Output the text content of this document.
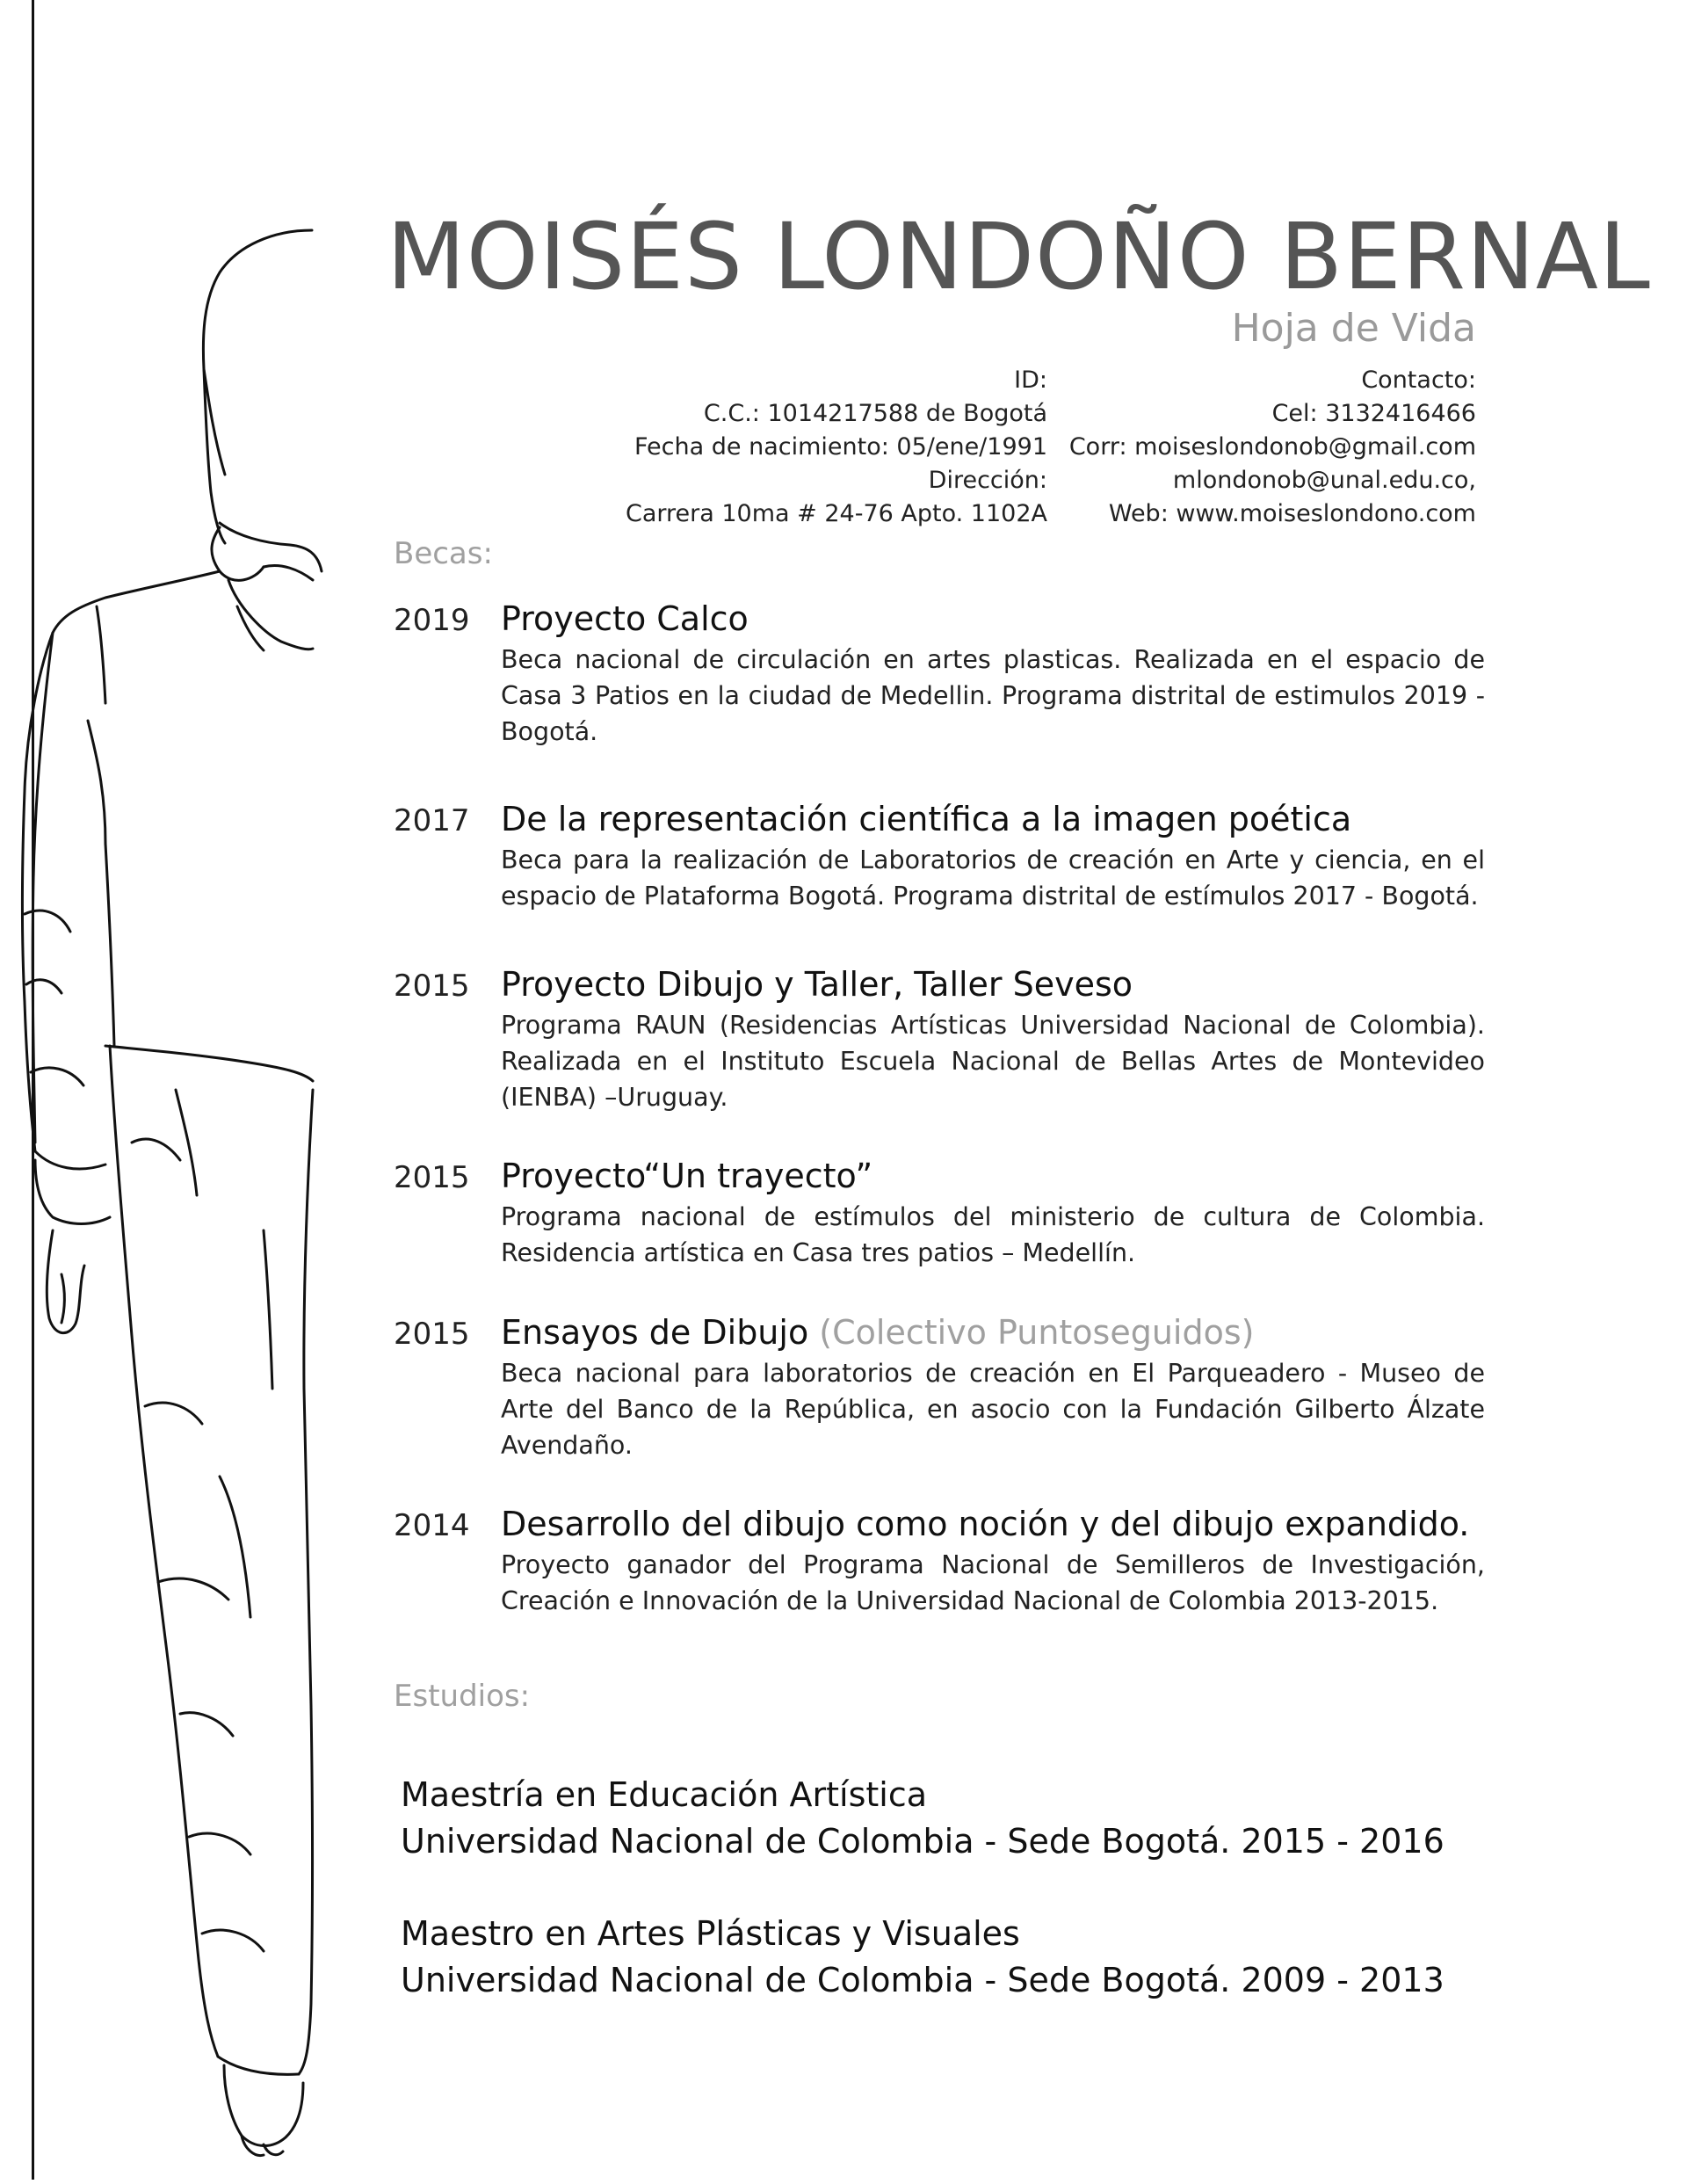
MOISÉS LONDOÑO BERNAL
Hoja de Vida
ID:
C.C.: 1014217588 de Bogotá
Fecha de nacimiento: 05/ene/1991
Dirección:
Carrera 10ma # 24-76 Apto. 1102A
Contacto:
Cel: 3132416466
Corr: moiseslondonob@gmail.com
mlondonob@unal.edu.co,
Web: www.moiseslondono.com
Becas:
2019 Proyecto Calco
Beca nacional de circulación en artes plasticas. Realizada en el espacio de Casa 3 Patios en la ciudad de Medellin. Programa distrital de estimulos 2019 - Bogotá.
2017 De la representación científica a la imagen poética
Beca para la realización de Laboratorios de creación en Arte y ciencia, en el espacio de Plataforma Bogotá. Programa distrital de estímulos 2017 - Bogotá.
2015 Proyecto Dibujo y Taller, Taller Seveso
Programa RAUN (Residencias Artísticas Universidad Nacional de Colombia). Realizada en el Instituto Escuela Nacional de Bellas Artes de Montevideo (IENBA) –Uruguay.
2015 Proyecto“Un trayecto”
Programa nacional de estímulos del ministerio de cultura de Colombia. Residencia artística en Casa tres patios – Medellín.
2015 Ensayos de Dibujo (Colectivo Puntoseguidos)
Beca nacional para laboratorios de creación en El Parqueadero - Museo de Arte del Banco de la República, en asocio con la Fundación Gilberto Álzate Avendaño.
2014 Desarrollo del dibujo como noción y del dibujo expandido.
Proyecto ganador del Programa Nacional de Semilleros de Investigación, Creación e Innovación de la Universidad Nacional de Colombia 2013-2015.
Estudios:
Maestría en Educación Artística
Universidad Nacional de Colombia - Sede Bogotá. 2015 - 2016
Maestro en Artes Plásticas y Visuales
Universidad Nacional de Colombia - Sede Bogotá. 2009 - 2013
